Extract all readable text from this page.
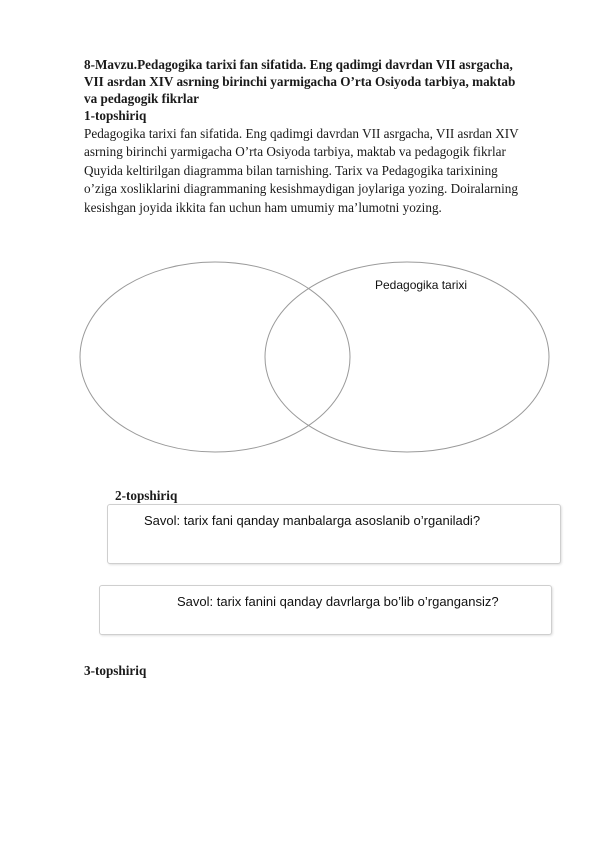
8-Mavzu.Pedagogika tarixi fan sifatida. Eng qadimgi davrdan VII asrgacha,
VII asrdan XIV asrning birinchi yarmigacha O’rta Osiyoda tarbiya, maktab
va pedagogik fikrlar
1-topshiriq
Pedagogika tarixi fan sifatida. Eng qadimgi davrdan VII asrgacha, VII asrdan XIV
asrning birinchi yarmigacha O’rta Osiyoda tarbiya, maktab va pedagogik fikrlar
Quyida keltirilgan diagramma bilan tarnishing. Tarix va Pedagogika tarixining
o’ziga xosliklarini diagrammaning kesishmaydigan joylariga yozing. Doiralarning
kesishgan joyida ikkita fan uchun ham umumiy ma’lumotni yozing.
Pedagogika tarixi
2-topshiriq
Savol: tarix fani qanday manbalarga asoslanib o’rganiladi?
Savol: tarix fanini qanday davrlarga bo’lib o’rgangansiz?
3-topshiriq
